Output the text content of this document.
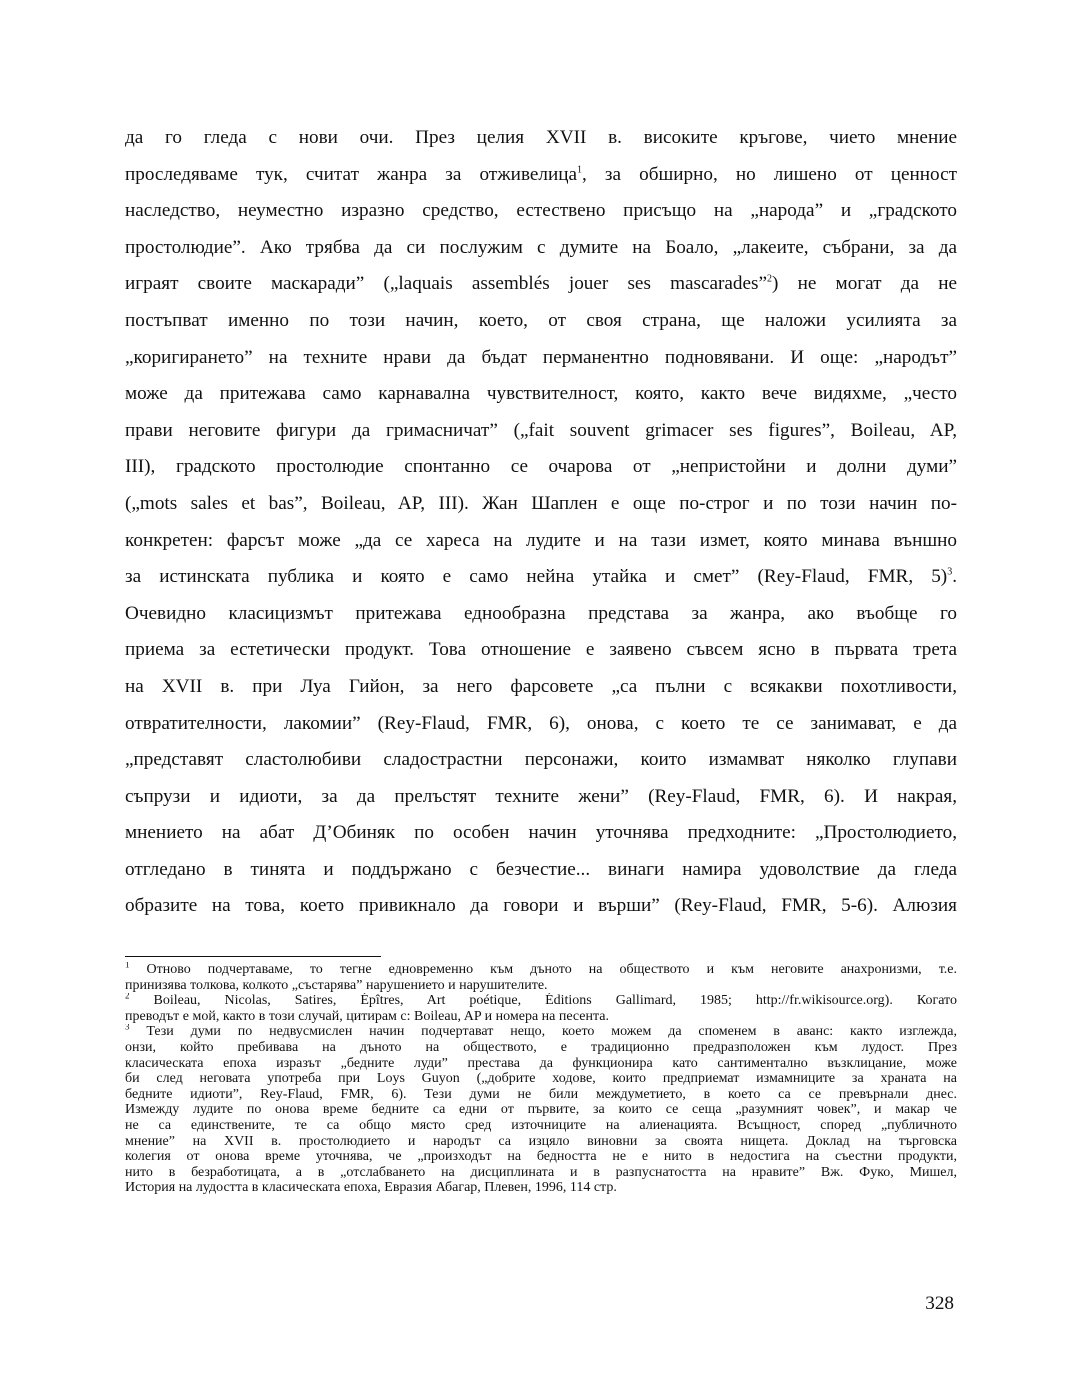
да го гледа с нови очи. През целия XVII в. високите кръгове, чието мнение
проследяваме тук, считат жанра за отживелица$^1$, за обширно, но лишено от ценност
наследство, неуместно изразно средство, естествено присъщо на „народа” и „градското
простолюдие”. Ако трябва да си послужим с думите на Боало, „лакеите, събрани, за да
играят своите маскаради” („laquais assemblés jouer ses mascarades”$^2$) не могат да не
постъпват именно по този начин, което, от своя страна, ще наложи усилията за
„коригирането” на техните нрави да бъдат перманентно подновявани. И още: „народът”
може да притежава само карнавална чувствителност, която, както вече видяхме, „често
прави неговите фигури да гримасничат” („fait souvent grimacer ses figures”, Boileau, AP,
III), градското простолюдие спонтанно се очарова от „непристойни и долни думи”
(„mots sales et bas”, Boileau, AP, III). Жан Шаплен е още по-строг и по този начин по-
конкретен: фарсът може „да се хареса на лудите и на тази измет, която минава външно
за истинската публика и която е само нейна утайка и смет” (Rey-Flaud, FMR, 5)$^3$.
Очевидно класицизмът притежава еднообразна представа за жанра, ако въобще го
приема за естетически продукт. Това отношение е заявено съвсем ясно в първата трета
на XVII в. при Луа Гийон, за него фарсовете „са пълни с всякакви похотливости,
отвратителности, лакомии” (Rey-Flaud, FMR, 6), онова, с което те се занимават, е да
„представят сластолюбиви сладострастни персонажи, които измамват няколко глупави
съпрузи и идиоти, за да прелъстят техните жени” (Rey-Flaud, FMR, 6). И накрая,
мнението на абат Д’Обиняк по особен начин уточнява предходните: „Простолюдието,
отгледано в тинята и поддържано с безчестие... винаги намира удоволствие да гледа
образите на това, което привикнало да говори и върши” (Rey-Flaud, FMR, 5-6). Алюзия
$^1$ Отново подчертаваме, то тегне едновременно към дъното на обществото и към неговите анахронизми, т.е.
принизява толкова, колкото „състарява” нарушението и нарушителите.
$^2$ Boileau, Nicolas, Satires, Épîtres, Art poétique, Éditions Gallimard, 1985; http://fr.wikisource.org). Когато
преводът е мой, както в този случай, цитирам с: Boileau, AP и номера на песента.
$^3$ Тези думи по недвусмислен начин подчертават нещо, което можем да споменем в аванс: както изглежда,
онзи, който пребивава на дъното на обществото, е традиционно предразположен към лудост. През
класическата епоха изразът „бедните луди” престава да функционира като сантиментално възклицание, може
би след неговата употреба при Loys Guyon („добрите ходове, които предприемат измамниците за храната на
бедните идиоти”, Rey-Flaud, FMR, 6). Тези думи не били междуметието, в което са се превърнали днес.
Измежду лудите по онова време бедните са едни от първите, за които се сеща „разумният човек”, и макар че
не са единствените, те са общо място сред източниците на алиенацията. Всъщност, според „публичното
мнение” на XVII в. простолюдието и народът са изцяло виновни за своята нищета. Доклад на търговска
колегия от онова време уточнява, че „произходът на бедността не е нито в недостига на съестни продукти,
нито в безработицата, а в „отслабването на дисциплината и в разпуснатостта на нравите” Вж. Фуко, Мишел,
История на лудостта в класическата епоха, Евразия Абагар, Плевен, 1996, 114 стр.
328
